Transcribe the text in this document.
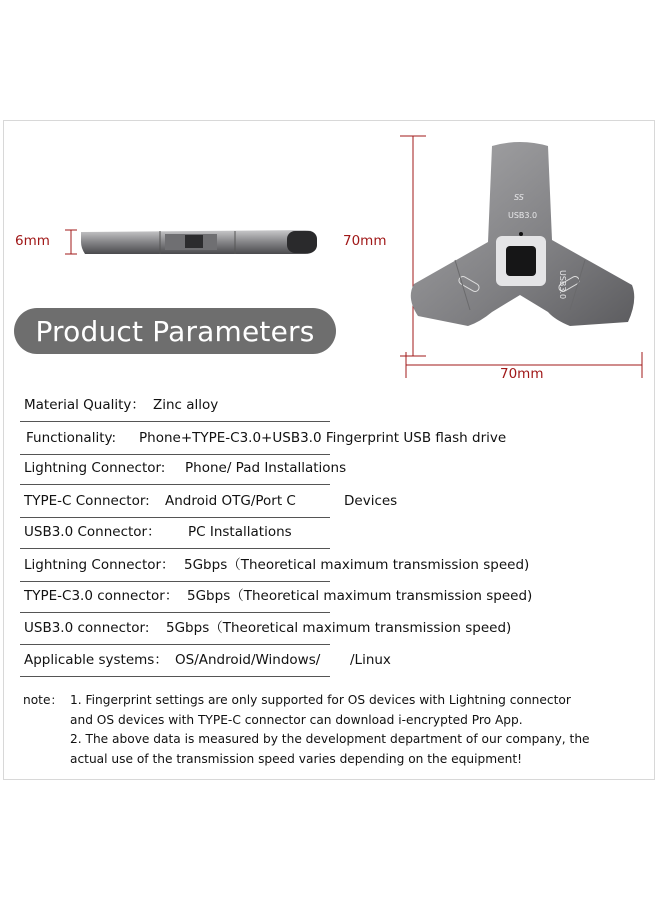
6mm
SS
USB3.0
USB3.0
70mm
70mm
Product Parameters
Material Quality： Zinc alloy
Functionality: Phone+TYPE-C3.0+USB3.0 Fingerprint USB flash drive
Lightning Connector: Phone/ Pad Installations
TYPE-C Connector: Android OTG/Port C	Devices
USB3.0 Connector： PC Installations
Lightning Connector： 5Gbps（Theoretical maximum transmission speed)
TYPE-C3.0 connector： 5Gbps（Theoretical maximum transmission speed)
USB3.0 connector: 5Gbps（Theoretical maximum transmission speed)
Applicable systems： OS/Android/Windows/ /Linux
note： 1. Fingerprint settings are only supported for OS devices with Lightning connector
and OS devices with TYPE-C connector can download i-encrypted Pro App.
2. The above data is measured by the development department of our company, the
actual use of the transmission speed varies depending on the equipment!
